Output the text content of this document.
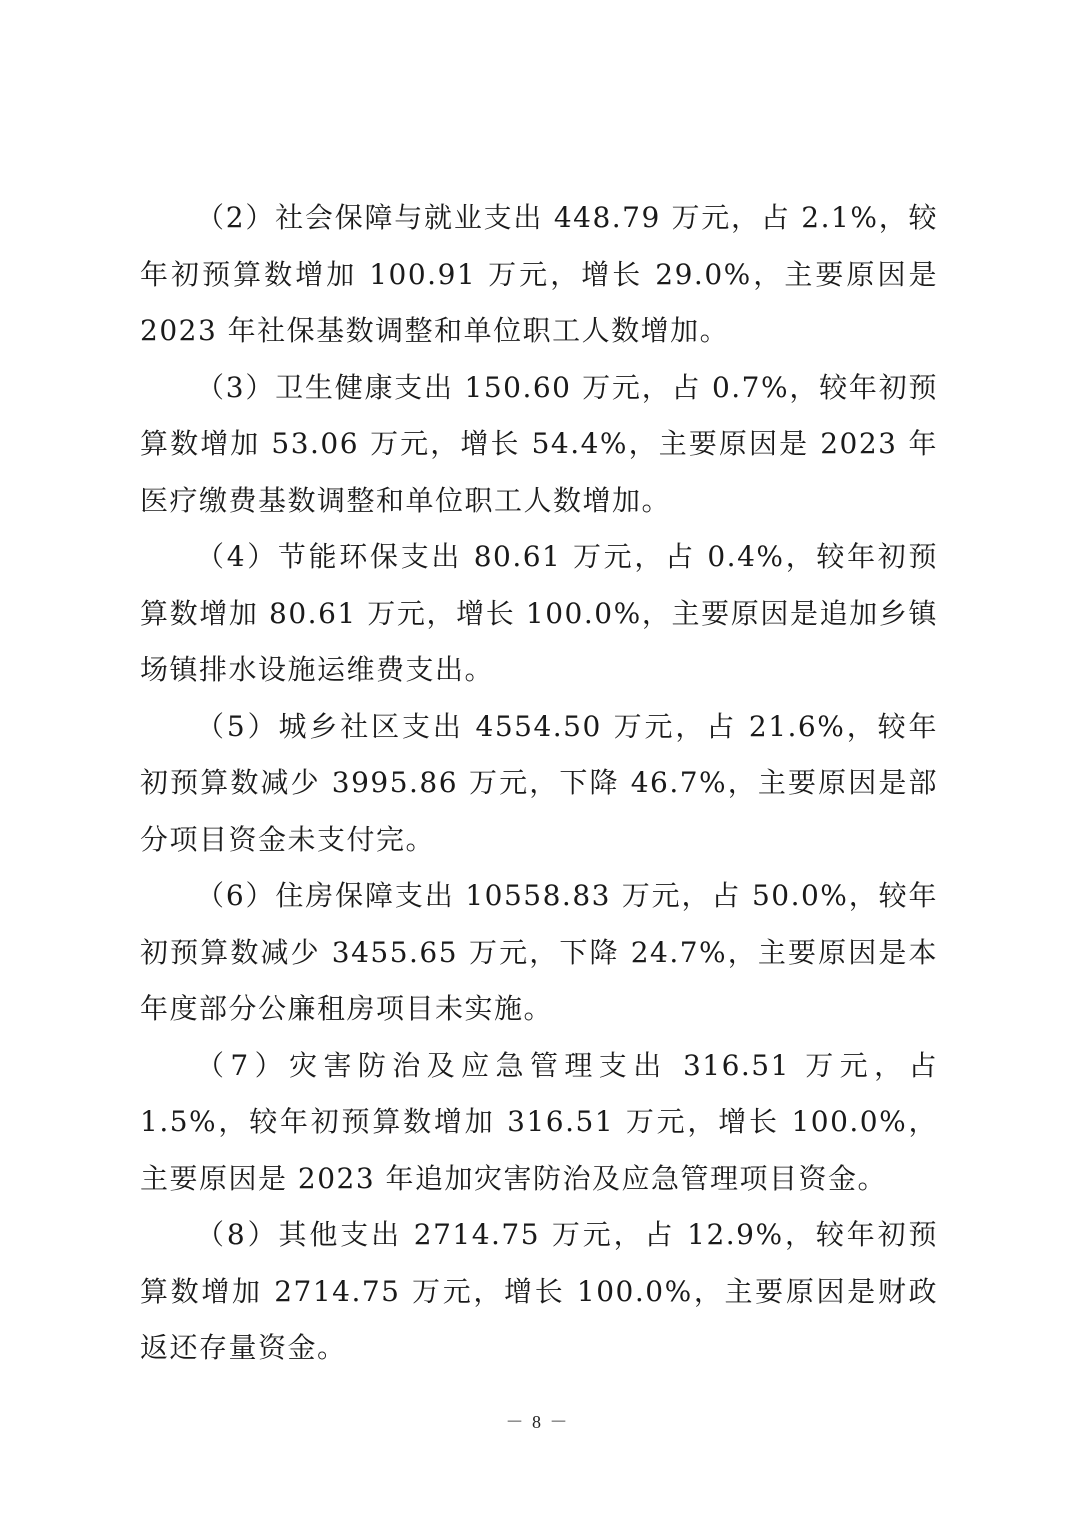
（2）社会保障与就业支出 448.79 万元，占 2.1%，较年初预算数增加 100.91 万元，增长 29.0%，主要原因是 2023 年社保基数调整和单位职工人数增加。

（3）卫生健康支出 150.60 万元，占 0.7%，较年初预算数增加 53.06 万元，增长 54.4%，主要原因是 2023 年医疗缴费基数调整和单位职工人数增加。

（4）节能环保支出 80.61 万元，占 0.4%，较年初预算数增加 80.61 万元，增长 100.0%，主要原因是追加乡镇场镇排水设施运维费支出。

（5）城乡社区支出 4554.50 万元，占 21.6%，较年初预算数减少 3995.86 万元，下降 46.7%，主要原因是部分项目资金未支付完。

（6）住房保障支出 10558.83 万元，占 50.0%，较年初预算数减少 3455.65 万元，下降 24.7%，主要原因是本年度部分公廉租房项目未实施。

（7）灾害防治及应急管理支出 316.51 万元，占 1.5%，较年初预算数增加 316.51 万元，增长 100.0%，主要原因是 2023 年追加灾害防治及应急管理项目资金。

（8）其他支出 2714.75 万元，占 12.9%，较年初预算数增加 2714.75 万元，增长 100.0%，主要原因是财政返还存量资金。

－ 8 －
